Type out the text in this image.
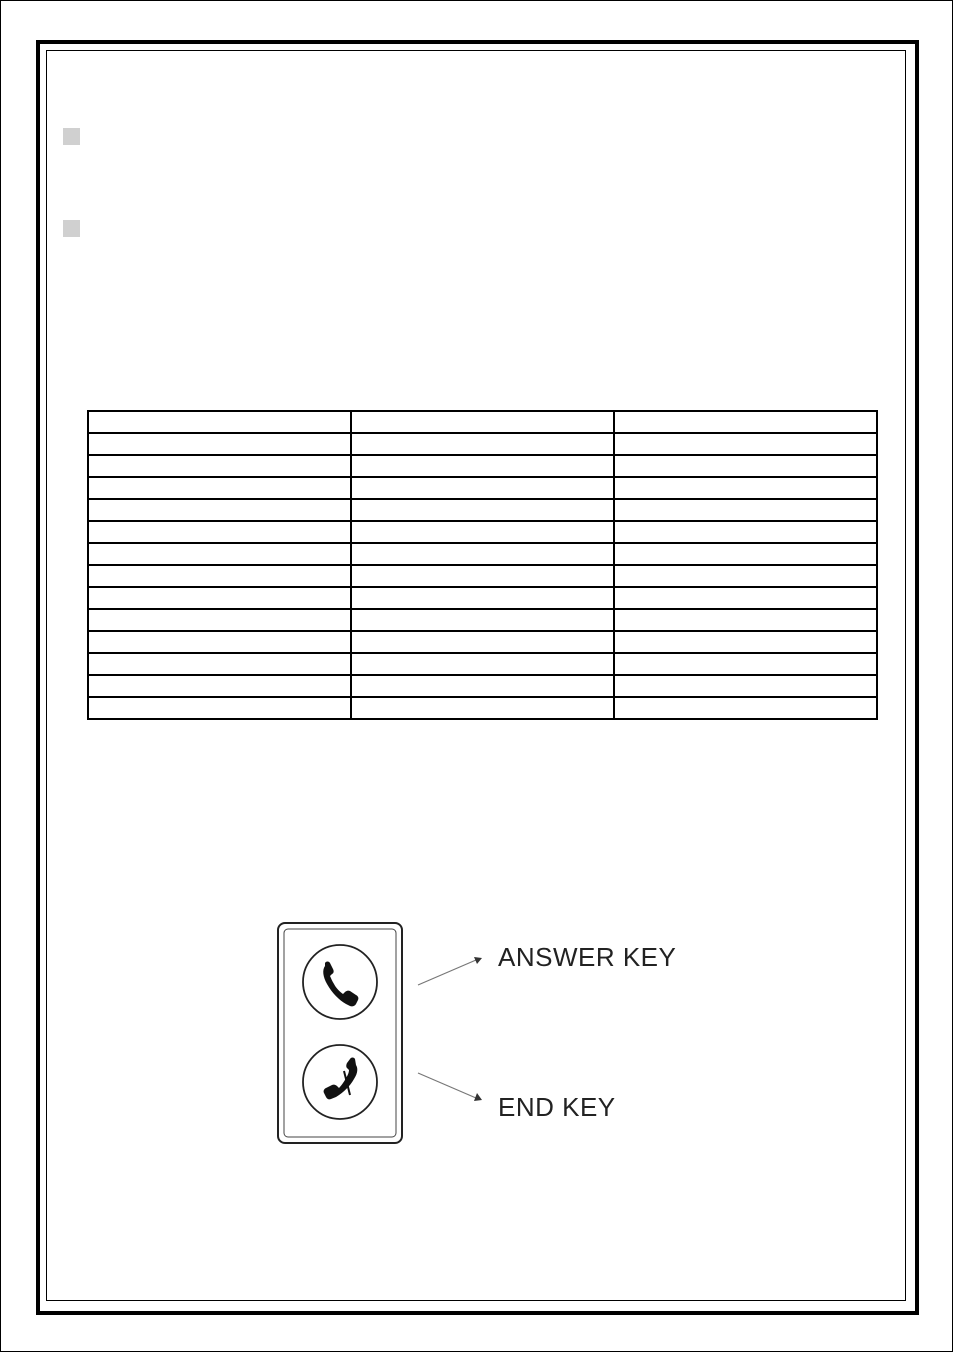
ANSWER KEY
END KEY
